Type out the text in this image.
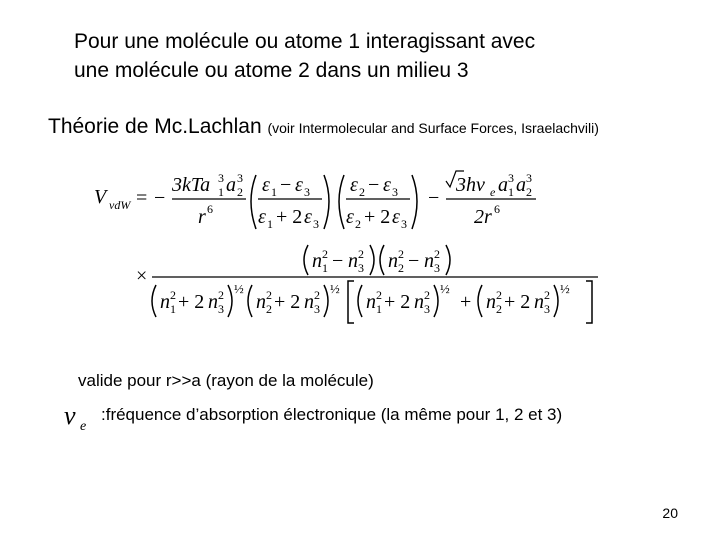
Pour une molécule ou atome 1 interagissant avec
une molécule ou atome 2 dans un milieu 3
Théorie de Mc.Lachlan (voir Intermolecular and Surface Forces, Israelachvili)
V vdW = −
3kTa 3
1 a 3
2
r 6
ε 1 − ε 3
ε 1 + 2 ε 3
ε 2 − ε 3
ε 2 + 2 ε 3
−
3hν e a 3
1 a 3
2
2r 6
×
n 2
1 − n 2
3 n 2
2 − n 2
3
n 2
1 + 2 n 2
3
½
n 2
2 + 2 n 2
3
½
n 2
1 + 2 n 2
3
½
+ n 2
2 + 2 n 2
3
½
valide pour r>>a (rayon de la molécule)
ν e
:fréquence d’absorption électronique (la même pour 1, 2 et 3)
20
